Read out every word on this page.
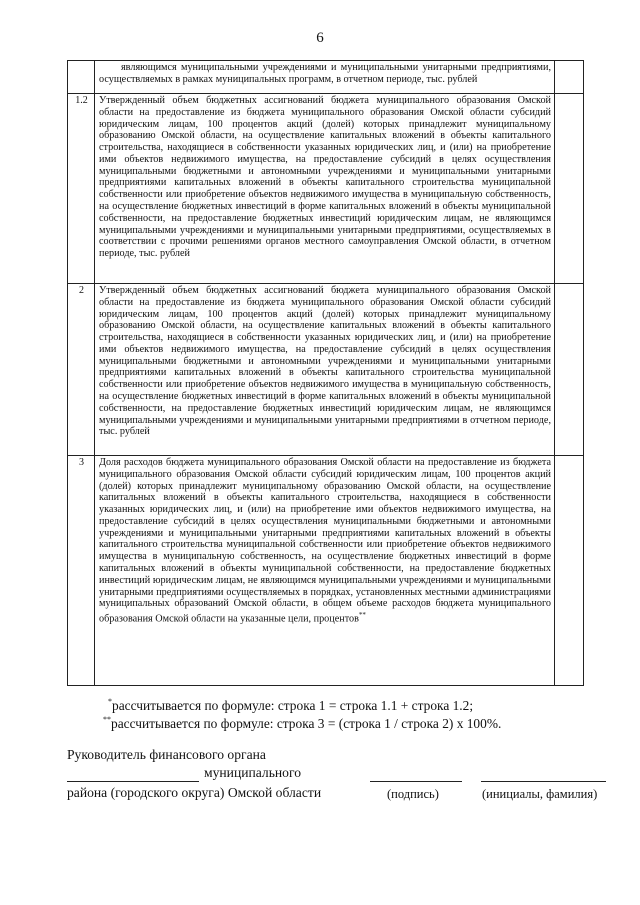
6
	являющимся муниципальными учреждениями и муниципальными унитарными предприятиями, осуществляемых в рамках муниципальных программ, в отчетном периоде, тыс. рублей	
1.2	Утвержденный объем бюджетных ассигнований бюджета муниципального образования Омской области на предоставление из бюджета муниципального образования Омской области субсидий юридическим лицам, 100 процентов акций (долей) которых принадлежит муниципальному образованию Омской области, на осуществление капитальных вложений в объекты капитального строительства, находящиеся в собственности указанных юридических лиц, и (или) на приобретение ими объектов недвижимого имущества, на предоставление субсидий в целях осуществления муниципальными бюджетными и автономными учреждениями и муниципальными унитарными предприятиями капитальных вложений в объекты капитального строительства муниципальной собственности или приобретение объектов недвижимого имущества в муниципальную собственность, на осуществление бюджетных инвестиций в форме капитальных вложений в объекты муниципальной собственности, на предоставление бюджетных инвестиций юридическим лицам, не являющимся муниципальными учреждениями и муниципальными унитарными предприятиями, осуществляемых в соответствии с прочими решениями органов местного самоуправления Омской области, в отчетном периоде, тыс. рублей	
2	Утвержденный объем бюджетных ассигнований бюджета муниципального образования Омской области на предоставление из бюджета муниципального образования Омской области субсидий юридическим лицам, 100 процентов акций (долей) которых принадлежит муниципальному образованию Омской области, на осуществление капитальных вложений в объекты капитального строительства, находящиеся в собственности указанных юридических лиц, и (или) на приобретение ими объектов недвижимого имущества, на предоставление субсидий в целях осуществления муниципальными бюджетными и автономными учреждениями и муниципальными унитарными предприятиями капитальных вложений в объекты капитального строительства муниципальной собственности или приобретение объектов недвижимого имущества в муниципальную собственность, на осуществление бюджетных инвестиций в форме капитальных вложений в объекты муниципальной собственности, на предоставление бюджетных инвестиций юридическим лицам, не являющимся муниципальными учреждениями и муниципальными унитарными предприятиями в отчетном периоде, тыс. рублей	
3	Доля расходов бюджета муниципального образования Омской области на предоставление из бюджета муниципального образования Омской области субсидий юридическим лицам, 100 процентов акций (долей) которых принадлежит муниципальному образованию Омской области, на осуществление капитальных вложений в объекты капитального строительства, находящиеся в собственности указанных юридических лиц, и (или) на приобретение ими объектов недвижимого имущества, на предоставление субсидий в целях осуществления муниципальными бюджетными и автономными учреждениями и муниципальными унитарными предприятиями капитальных вложений в объекты капитального строительства муниципальной собственности или приобретение объектов недвижимого имущества в муниципальную собственность, на осуществление бюджетных инвестиций в форме капитальных вложений в объекты муниципальной собственности, на предоставление бюджетных инвестиций юридическим лицам, не являющимся муниципальными учреждениями и муниципальными унитарными предприятиями осуществляемых в порядках, установленных местными администрациями муниципальных образований Омской области, в общем объеме расходов бюджета муниципального образования Омской области на указанные цели, процентов**	
*рассчитывается по формуле: строка 1 = строка 1.1 + строка 1.2;
**рассчитывается по формуле: строка 3 = (строка 1 / строка 2) х 100%.
Руководитель финансового органа
муниципального
района (городского округа) Омской области	(подпись)	(инициалы, фамилия)
